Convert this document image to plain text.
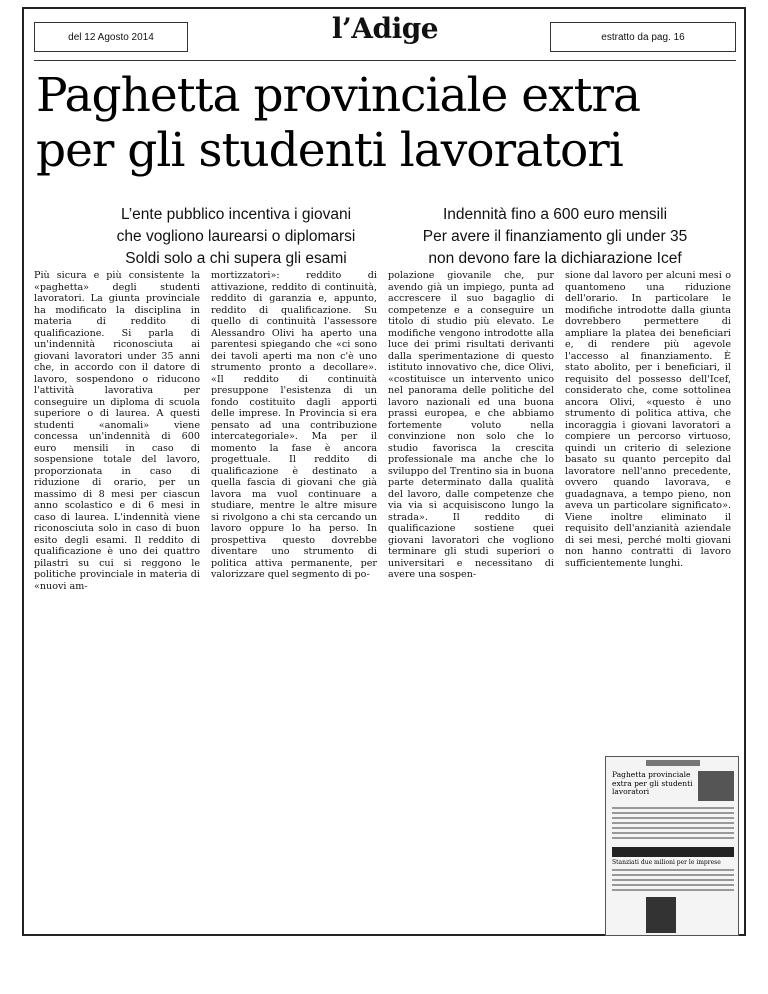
del 12 Agosto 2014	l’Adige	estratto da pag. 16
Paghetta provinciale extra
per gli studenti lavoratori
L’ente pubblico incentiva i giovani
che vogliono laurearsi o diplomarsi
Soldi solo a chi supera gli esami
Indennità fino a 600 euro mensili
Per avere il finanziamento gli under 35
non devono fare la dichiarazione Icef
Più sicura e più consistente la «paghetta» degli studenti lavoratori. La giunta provinciale ha modificato la disciplina in materia di reddito di qualificazione. Si parla di un'indennità riconosciuta ai giovani lavoratori under 35 anni che, in accordo con il datore di lavoro, sospendono o riducono l'attività lavorativa per conseguire un diploma di scuola superiore o di laurea. A questi studenti «anomali» viene concessa un'indennità di 600 euro mensili in caso di sospensione totale del lavoro, proporzionata in caso di riduzione di orario, per un massimo di 8 mesi per ciascun anno scolastico e di 6 mesi in caso di laurea. L'indennità viene riconosciuta solo in caso di buon esito degli esami. Il reddito di qualificazione è uno dei quattro pilastri su cui si reggono le politiche provinciale in materia di «nuovi am-
mortizzatori»: reddito di attivazione, reddito di continuità, reddito di garanzia e, appunto, reddito di qualificazione. Su quello di continuità l'assessore Alessandro Olivi ha aperto una parentesi spiegando che «ci sono dei tavoli aperti ma non c'è uno strumento pronto a decollare». «Il reddito di continuità presuppone l'esistenza di un fondo costituito dagli apporti delle imprese. In Provincia si era pensato ad una contribuzione intercategoriale». Ma per il momento la fase è ancora progettuale. Il reddito di qualificazione è destinato a quella fascia di giovani che già lavora ma vuol continuare a studiare, mentre le altre misure si rivolgono a chi sta cercando un lavoro oppure lo ha perso. In prospettiva questo dovrebbe diventare uno strumento di politica attiva permanente, per valorizzare quel segmento di po-
polazione giovanile che, pur avendo già un impiego, punta ad accrescere il suo bagaglio di competenze e a conseguire un titolo di studio più elevato. Le modifiche vengono introdotte alla luce dei primi risultati derivanti dalla sperimentazione di questo istituto innovativo che, dice Olivi, «costituisce un intervento unico nel panorama delle politiche del lavoro nazionali ed una buona prassi europea, e che abbiamo fortemente voluto nella convinzione non solo che lo studio favorisca la crescita professionale ma anche che lo sviluppo del Trentino sia in buona parte determinato dalla qualità del lavoro, dalle competenze che via via si acquisiscono lungo la strada». Il reddito di qualificazione sostiene quei giovani lavoratori che vogliono terminare gli studi superiori o universitari e necessitano di avere una sospen-
sione dal lavoro per alcuni mesi o quantomeno una riduzione dell'orario. In particolare le modifiche introdotte dalla giunta dovrebbero permettere di ampliare la platea dei beneficiari e, di rendere più agevole l'accesso al finanziamento. È stato abolito, per i beneficiari, il requisito del possesso dell'Icef, considerato che, come sottolinea ancora Olivi, «questo è uno strumento di politica attiva, che incoraggia i giovani lavoratori a compiere un percorso virtuoso, quindi un criterio di selezione basato su quanto percepito dal lavoratore nell'anno precedente, ovvero quando lavorava, e guadagnava, a tempo pieno, non aveva un particolare significato». Viene inoltre eliminato il requisito dell'anzianità aziendale di sei mesi, perché molti giovani non hanno contratti di lavoro sufficientemente lunghi.
Paghetta provinciale extra per gli studenti lavoratori
Stanziati due milioni per le imprese
